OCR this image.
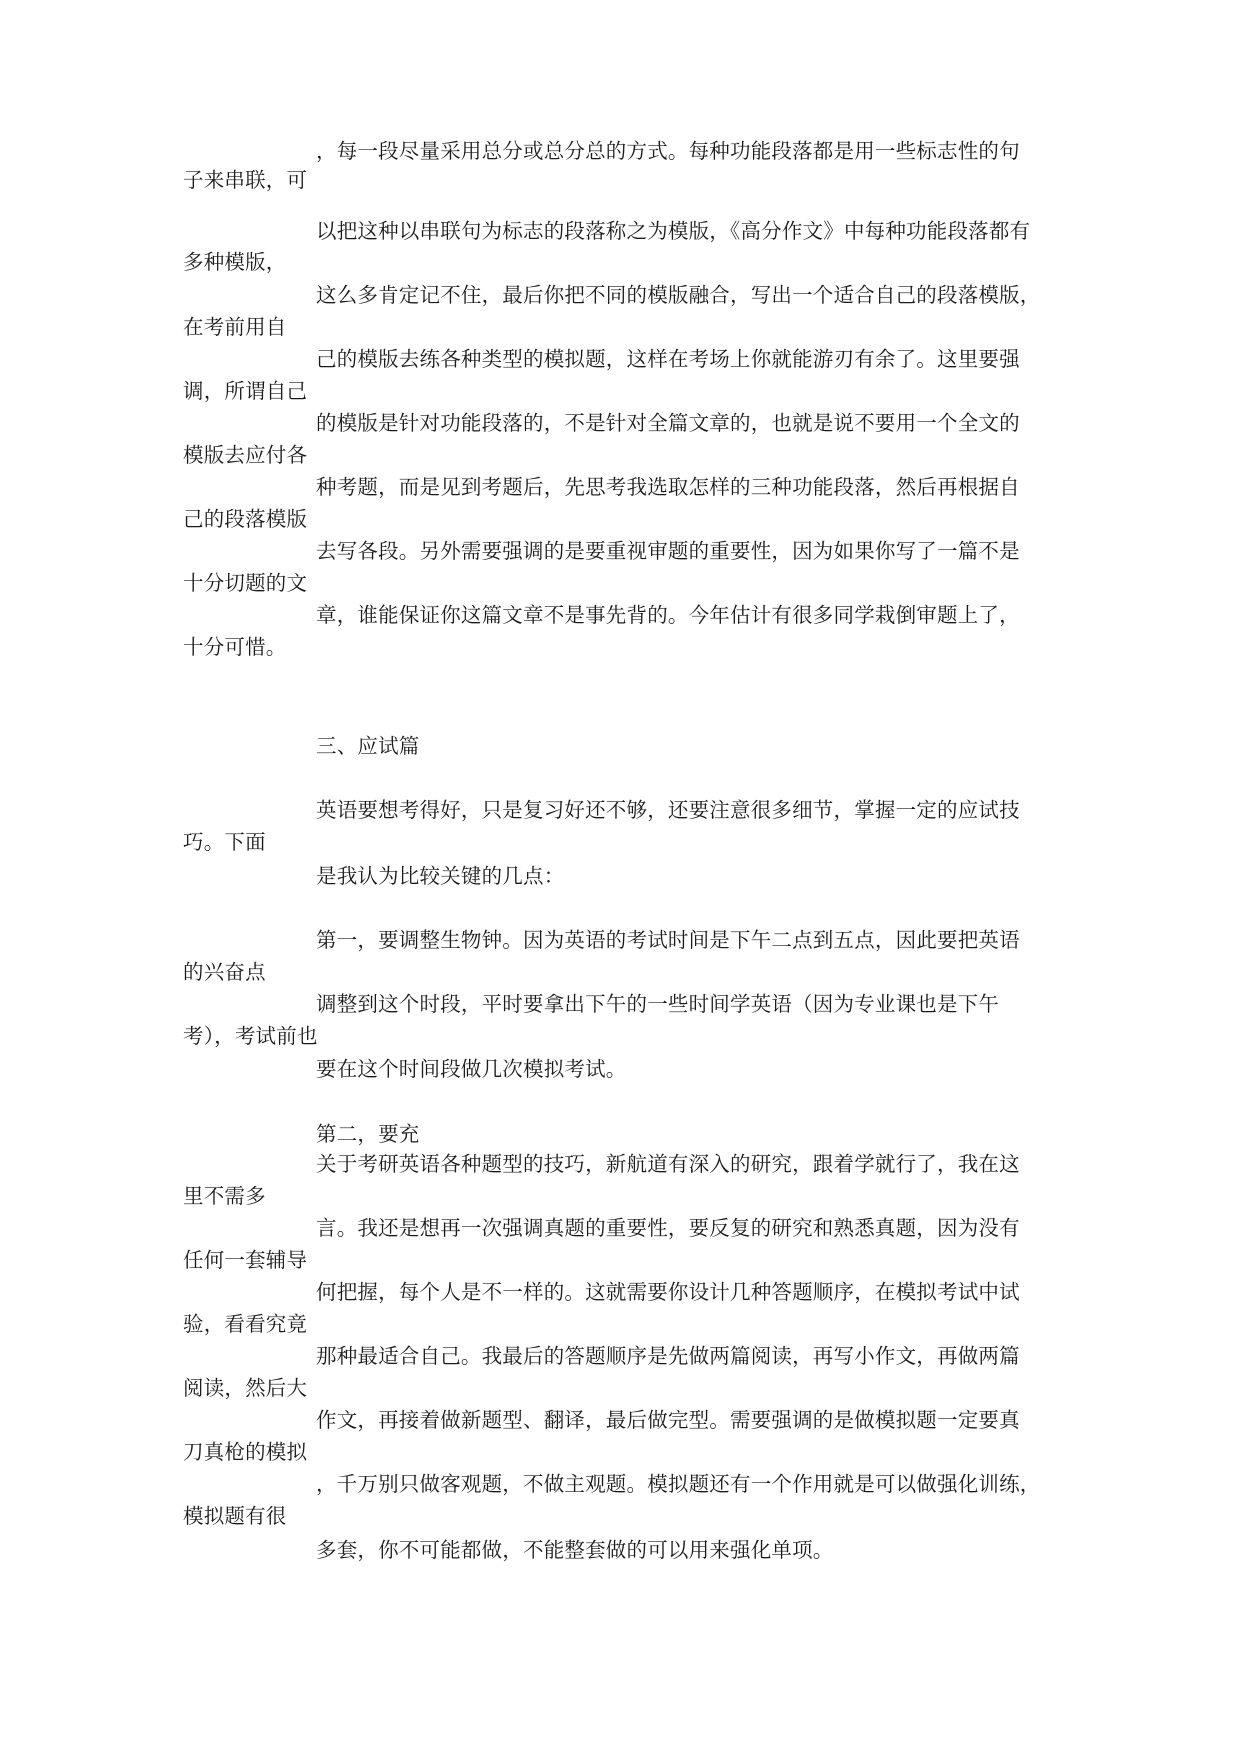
，每一段尽量采用总分或总分总的方式。每种功能段落都是用一些标志性的句
子来串联，可
以把这种以串联句为标志的段落称之为模版，《高分作文》中每种功能段落都有
多种模版，
这么多肯定记不住，最后你把不同的模版融合，写出一个适合自己的段落模版，
在考前用自
己的模版去练各种类型的模拟题，这样在考场上你就能游刃有余了。这里要强
调，所谓自己
的模版是针对功能段落的，不是针对全篇文章的，也就是说不要用一个全文的
模版去应付各
种考题，而是见到考题后，先思考我选取怎样的三种功能段落，然后再根据自
己的段落模版
去写各段。另外需要强调的是要重视审题的重要性，因为如果你写了一篇不是
十分切题的文
章，谁能保证你这篇文章不是事先背的。今年估计有很多同学栽倒审题上了，
十分可惜。
三、应试篇
英语要想考得好，只是复习好还不够，还要注意很多细节，掌握一定的应试技
巧。下面
是我认为比较关键的几点：
第一，要调整生物钟。因为英语的考试时间是下午二点到五点，因此要把英语
的兴奋点
调整到这个时段，平时要拿出下午的一些时间学英语（因为专业课也是下午
考），考试前也
要在这个时间段做几次模拟考试。
第二，要充
关于考研英语各种题型的技巧，新航道有深入的研究，跟着学就行了，我在这
里不需多
言。我还是想再一次强调真题的重要性，要反复的研究和熟悉真题，因为没有
任何一套辅导
何把握，每个人是不一样的。这就需要你设计几种答题顺序，在模拟考试中试
验，看看究竟
那种最适合自己。我最后的答题顺序是先做两篇阅读，再写小作文，再做两篇
阅读，然后大
作文，再接着做新题型、翻译，最后做完型。需要强调的是做模拟题一定要真
刀真枪的模拟
，千万别只做客观题，不做主观题。模拟题还有一个作用就是可以做强化训练，
模拟题有很
多套，你不可能都做，不能整套做的可以用来强化单项。
